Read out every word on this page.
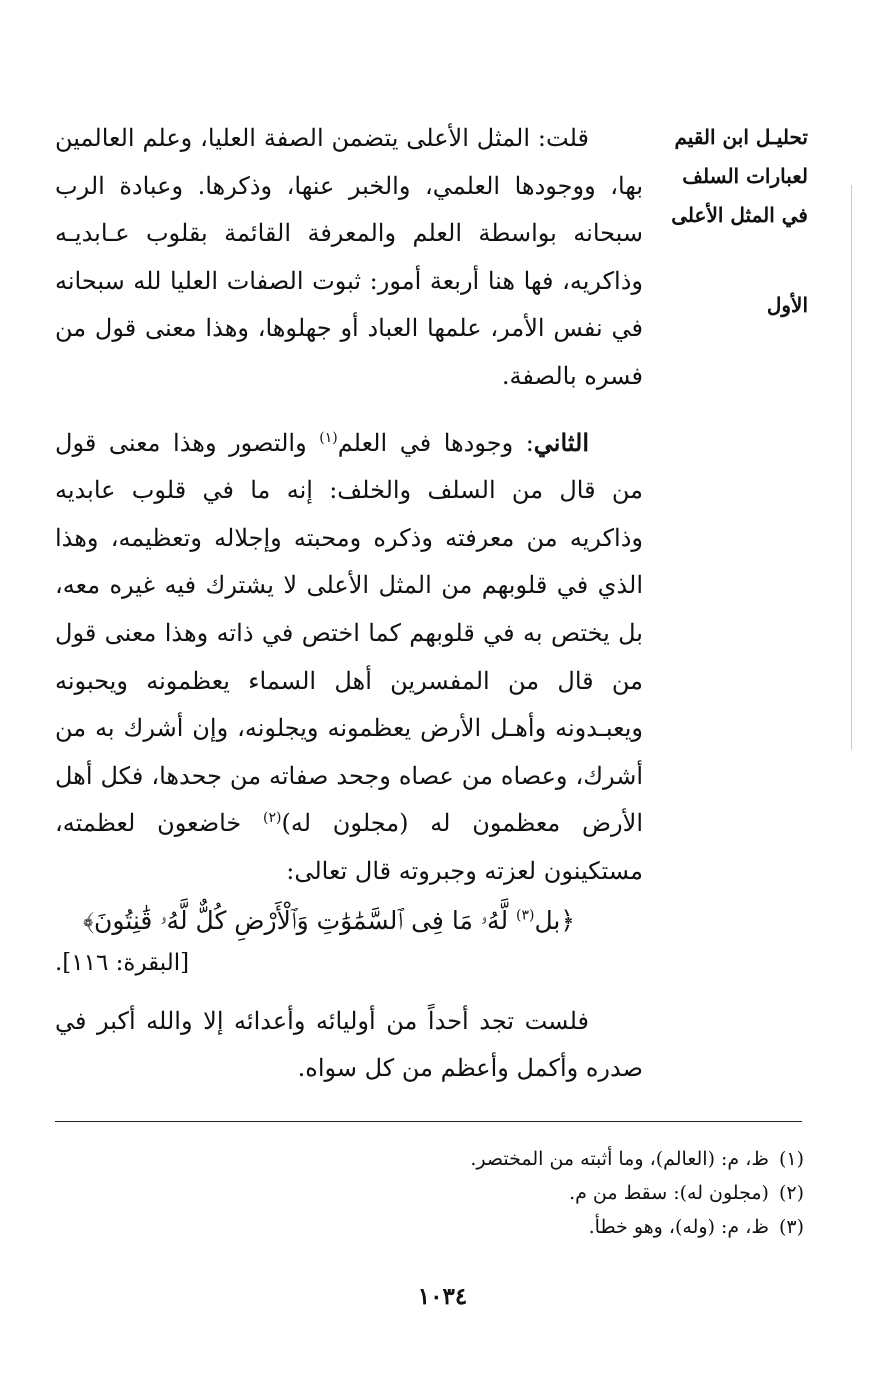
تحليـل ابن القيم لعبارات السلف في المثل الأعلى

الأول

قلت: المثل الأعلى يتضمن الصفة العليا، وعلم العالمين بها، ووجودها العلمي، والخبر عنها، وذكرها. وعبادة الرب سبحانه بواسطة العلم والمعرفة القائمة بقلوب عـابديـه وذاكريه، فها هنا أربعة أمور: ثبوت الصفات العليا لله سبحانه في نفس الأمر، علمها العباد أو جهلوها، وهذا معنى قول من فسره بالصفة.

الثاني: وجودها في العلم$^{(١)}$ والتصور وهذا معنى قول من قال من السلف والخلف: إنه ما في قلوب عابديه وذاكريه من معرفته وذكره ومحبته وإجلاله وتعظيمه، وهذا الذي في قلوبهم من المثل الأعلى لا يشترك فيه غيره معه، بل يختص به في قلوبهم كما اختص في ذاته وهذا معنى قول من قال من المفسرين أهل السماء يعظمونه ويحبونه ويعبـدونه وأهـل الأرض يعظمونه ويجلونه، وإن أشرك به من أشرك، وعصاه من عصاه وجحد صفاته من جحدها، فكل أهل الأرض معظمون له (مجلون له)$^{(٢)}$ خاضعون لعظمته، مستكينون لعزته وجبروته قال تعالى:

﴿بل$^{(٣)}$ لَّهُۥ مَا فِى ٱلسَّمَٰوَٰتِ وَٱلْأَرْضِ كُلٌّ لَّهُۥ قَٰنِتُونَ﴾

[البقرة: ١١٦].

فلست تجد أحداً من أوليائه وأعدائه إلا والله أكبر في صدره وأكمل وأعظم من كل سواه.

(١)ظ، م: (العالم)، وما أثبته من المختصر.

(٢)(مجلون له): سقط من م.

(٣)ظ، م: (وله)، وهو خطأ.

١٠٣٤
